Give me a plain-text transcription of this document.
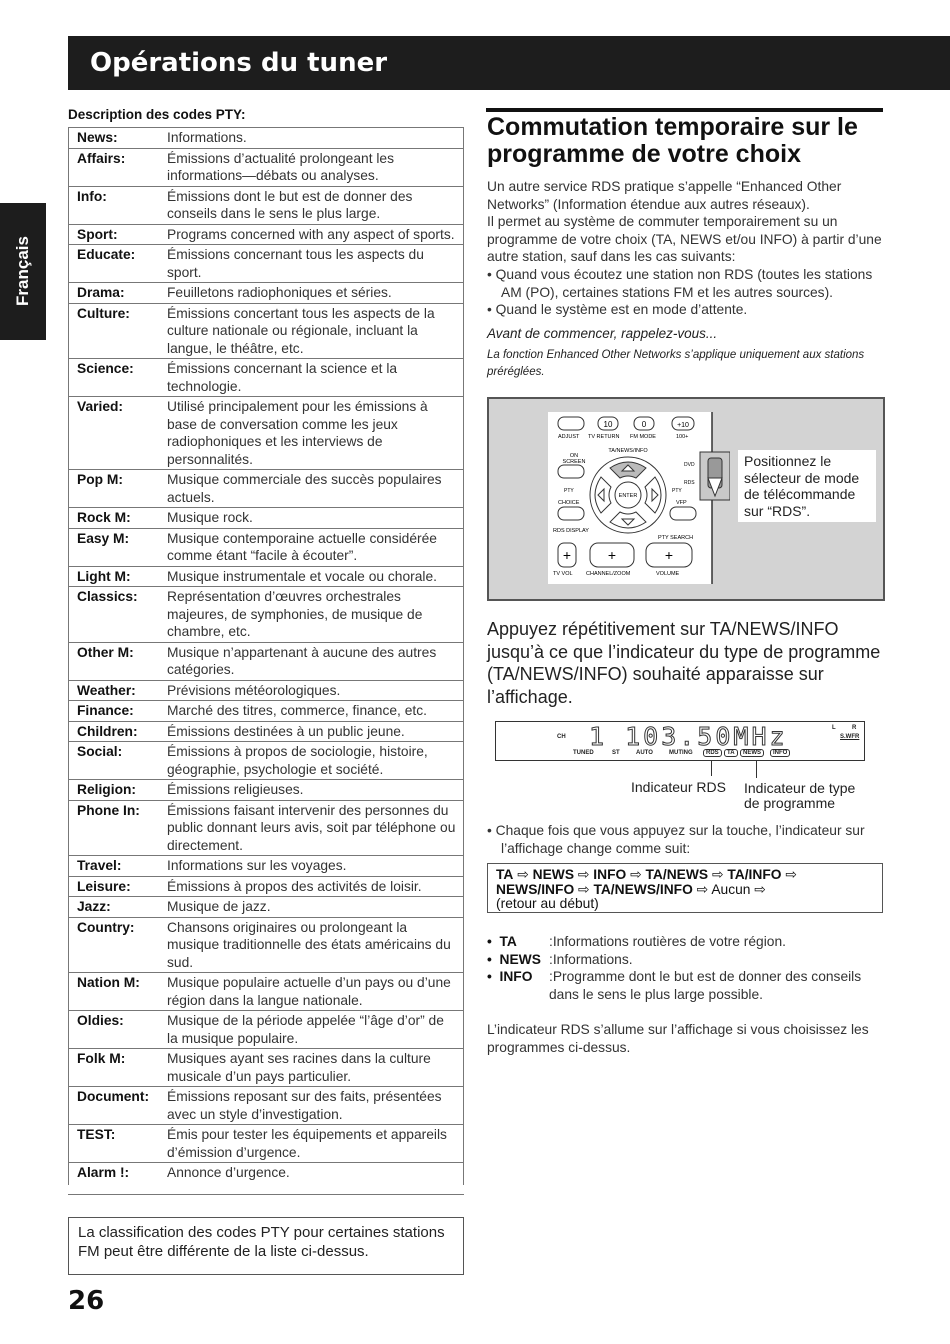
Opérations du tuner
Français
Description des codes PTY:
News:	Informations.
Affairs:	Émissions d’actualité prolongeant les informations—débats ou analyses.
Info:	Émissions dont le but est de donner des conseils dans le sens le plus large.
Sport:	Programs concerned with any aspect of sports.
Educate:	Émissions concernant tous les aspects du sport.
Drama:	Feuilletons radiophoniques et séries.
Culture:	Émissions concertant tous les aspects de la culture nationale ou régionale, incluant la langue, le théâtre, etc.
Science:	Émissions concernant la science et la technologie.
Varied:	Utilisé principalement pour les émissions à base de conversation comme les jeux radiophoniques et les interviews de personnalités.
Pop M:	Musique commerciale des succès populaires actuels.
Rock M:	Musique rock.
Easy M:	Musique contemporaine actuelle considérée comme étant “facile à écouter”.
Light M:	Musique instrumentale et vocale ou chorale.
Classics:	Représentation d’œuvres orchestrales majeures, de symphonies, de musique de chambre, etc.
Other M:	Musique n’appartenant à aucune des autres catégories.
Weather:	Prévisions météorologiques.
Finance:	Marché des titres, commerce, finance, etc.
Children:	Émissions destinées à un public jeune.
Social:	Émissions à propos de sociologie, histoire, géographie, psychologie et société.
Religion:	Émissions religieuses.
Phone In:	Émissions faisant intervenir des personnes du public donnant leurs avis, soit par téléphone ou directement.
Travel:	Informations sur les voyages.
Leisure:	Émissions à propos des activités de loisir.
Jazz:	Musique de jazz.
Country:	Chansons originaires ou prolongeant la musique traditionnelle des états américains du sud.
Nation M:	Musique populaire actuelle d’un pays ou d’une région dans la langue nationale.
Oldies:	Musique de la période appelée “l’âge d’or” de la musique populaire.
Folk M:	Musiques ayant ses racines dans la culture musicale d’un pays particulier.
Document:	Émissions reposant sur des faits, présentées avec un style d’investigation.
TEST:	Émis pour tester les équipements et appareils d’émission d’urgence.
Alarm !:	Annonce d’urgence.
La classification des codes PTY pour certaines stations FM peut être différente de la liste ci-dessus.
26
Commutation temporaire sur le programme de votre choix

Un autre service RDS pratique s’appelle “Enhanced Other Networks” (Information étendue aux autres réseaux).

Il permet au système de commuter temporairement su un programme de votre choix (TA, NEWS et/ou INFO) à partir d’une autre station, sauf dans les cas suivants:

• Quand vous écoutez une station non RDS (toutes les stations AM (PO), certaines stations FM et les autres sources).

• Quand le système est en mode d’attente.

Avant de commencer, rappelez-vous...
La fonction Enhanced Other Networks s’applique uniquement aux stations préréglées.
10	0	+10
ADJUST TV RETURN FM MODE	100+
TA/NEWS/INFO
ON
SCREEN
ENTER
PTY	PTY
CHOICE
DVD
RDS
VFP
RDS DISPLAY
PTY SEARCH
+	+	+
TV VOL CHANNEL/ZOOM	VOLUME
Positionnez le sélecteur de mode de télécommande sur “RDS”.
Appuyez répétitivement sur TA/NEWS/INFO jusqu’à ce que l’indicateur du type de programme (TA/NEWS/INFO) souhaité apparaisse sur l’affichage.
CH 1 103.50MHz
TUNED	ST	AUTO	MUTING	RDS	TA	NEWS	INFO
L	R
S.WFR
Indicateur RDS Indicateur de type de programme
• Chaque fois que vous appuyez sur la touche, l’indicateur sur l’affichage change comme suit:
TA ⇨ NEWS ⇨ INFO ⇨ TA/NEWS ⇨ TA/INFO ⇨
NEWS/INFO ⇨ TA/NEWS/INFO ⇨ Aucun ⇨
(retour au début)
•  TA	:Informations routières de votre région.
•  NEWS :Informations.
•  INFO	:Programme dont le but est de donner des conseils dans le sens le plus large possible.
L’indicateur RDS s’allume sur l’affichage si vous choisissez les programmes ci-dessus.
